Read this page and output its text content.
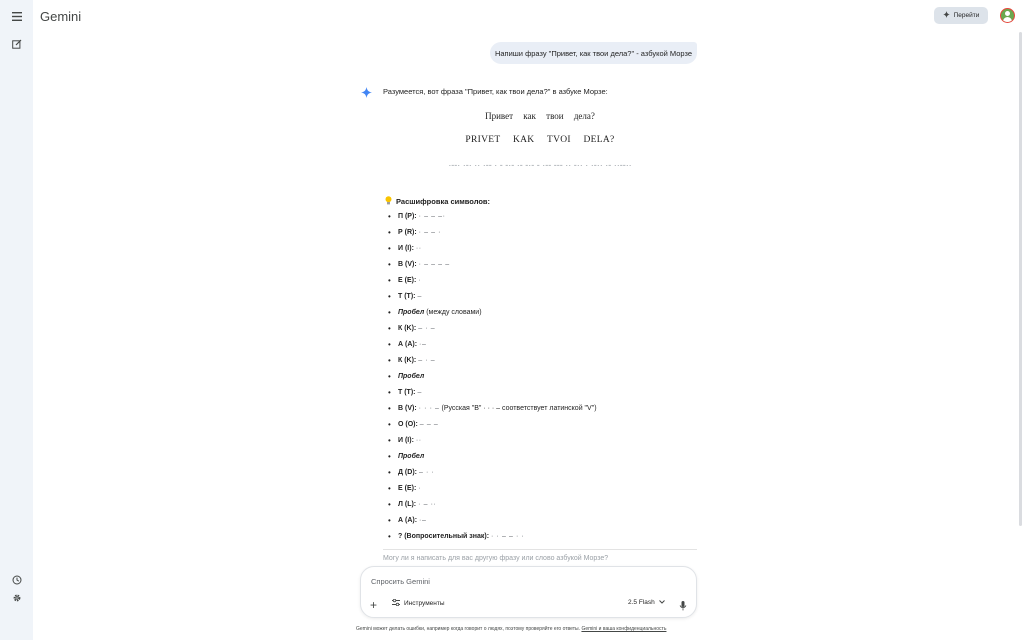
Gemini	Перейти
Напиши фразу "Привет, как твои дела?" - азбукой Морзе
Разумеется, вот фраза "Привет, как твои дела?" в азбуке Морзе:
Привет как твои дела?
PRIVET KAK TVOI DELA?
·--· ·-· ·· ·-- · - -·- ·- -·- - ·-- --- ·· -·· · ·-·· ·- ··--··
Расшифровка символов:
• П (P): · – – –·
• Р (R): · – – ·
• И (I): ··
• В (V): · – – – –
• Е (E): ·
• Т (T): –
• Пробел (между словами)
• К (K): – · –
• А (A): ·–
• К (K): – · –
• Пробел
• Т (T): –
• В (V): · · · – (Русская "В" · · · – соответствует латинской "V")
• О (O): – – –
• И (I): ··
• Пробел
• Д (D): – · ·
• Е (E): ·
• Л (L): · – ··
• А (A): ·–
• ? (Вопросительный знак): · · – – · ·
Могу ли я написать для вас другую фразу или слово азбукой Морзе?
Спросить Gemini
+	Инструменты	2.5 Flash
Gemini может делать ошибки, например когда говорит о людях, поэтому проверяйте его ответы. Gemini и ваша конфиденциальность
